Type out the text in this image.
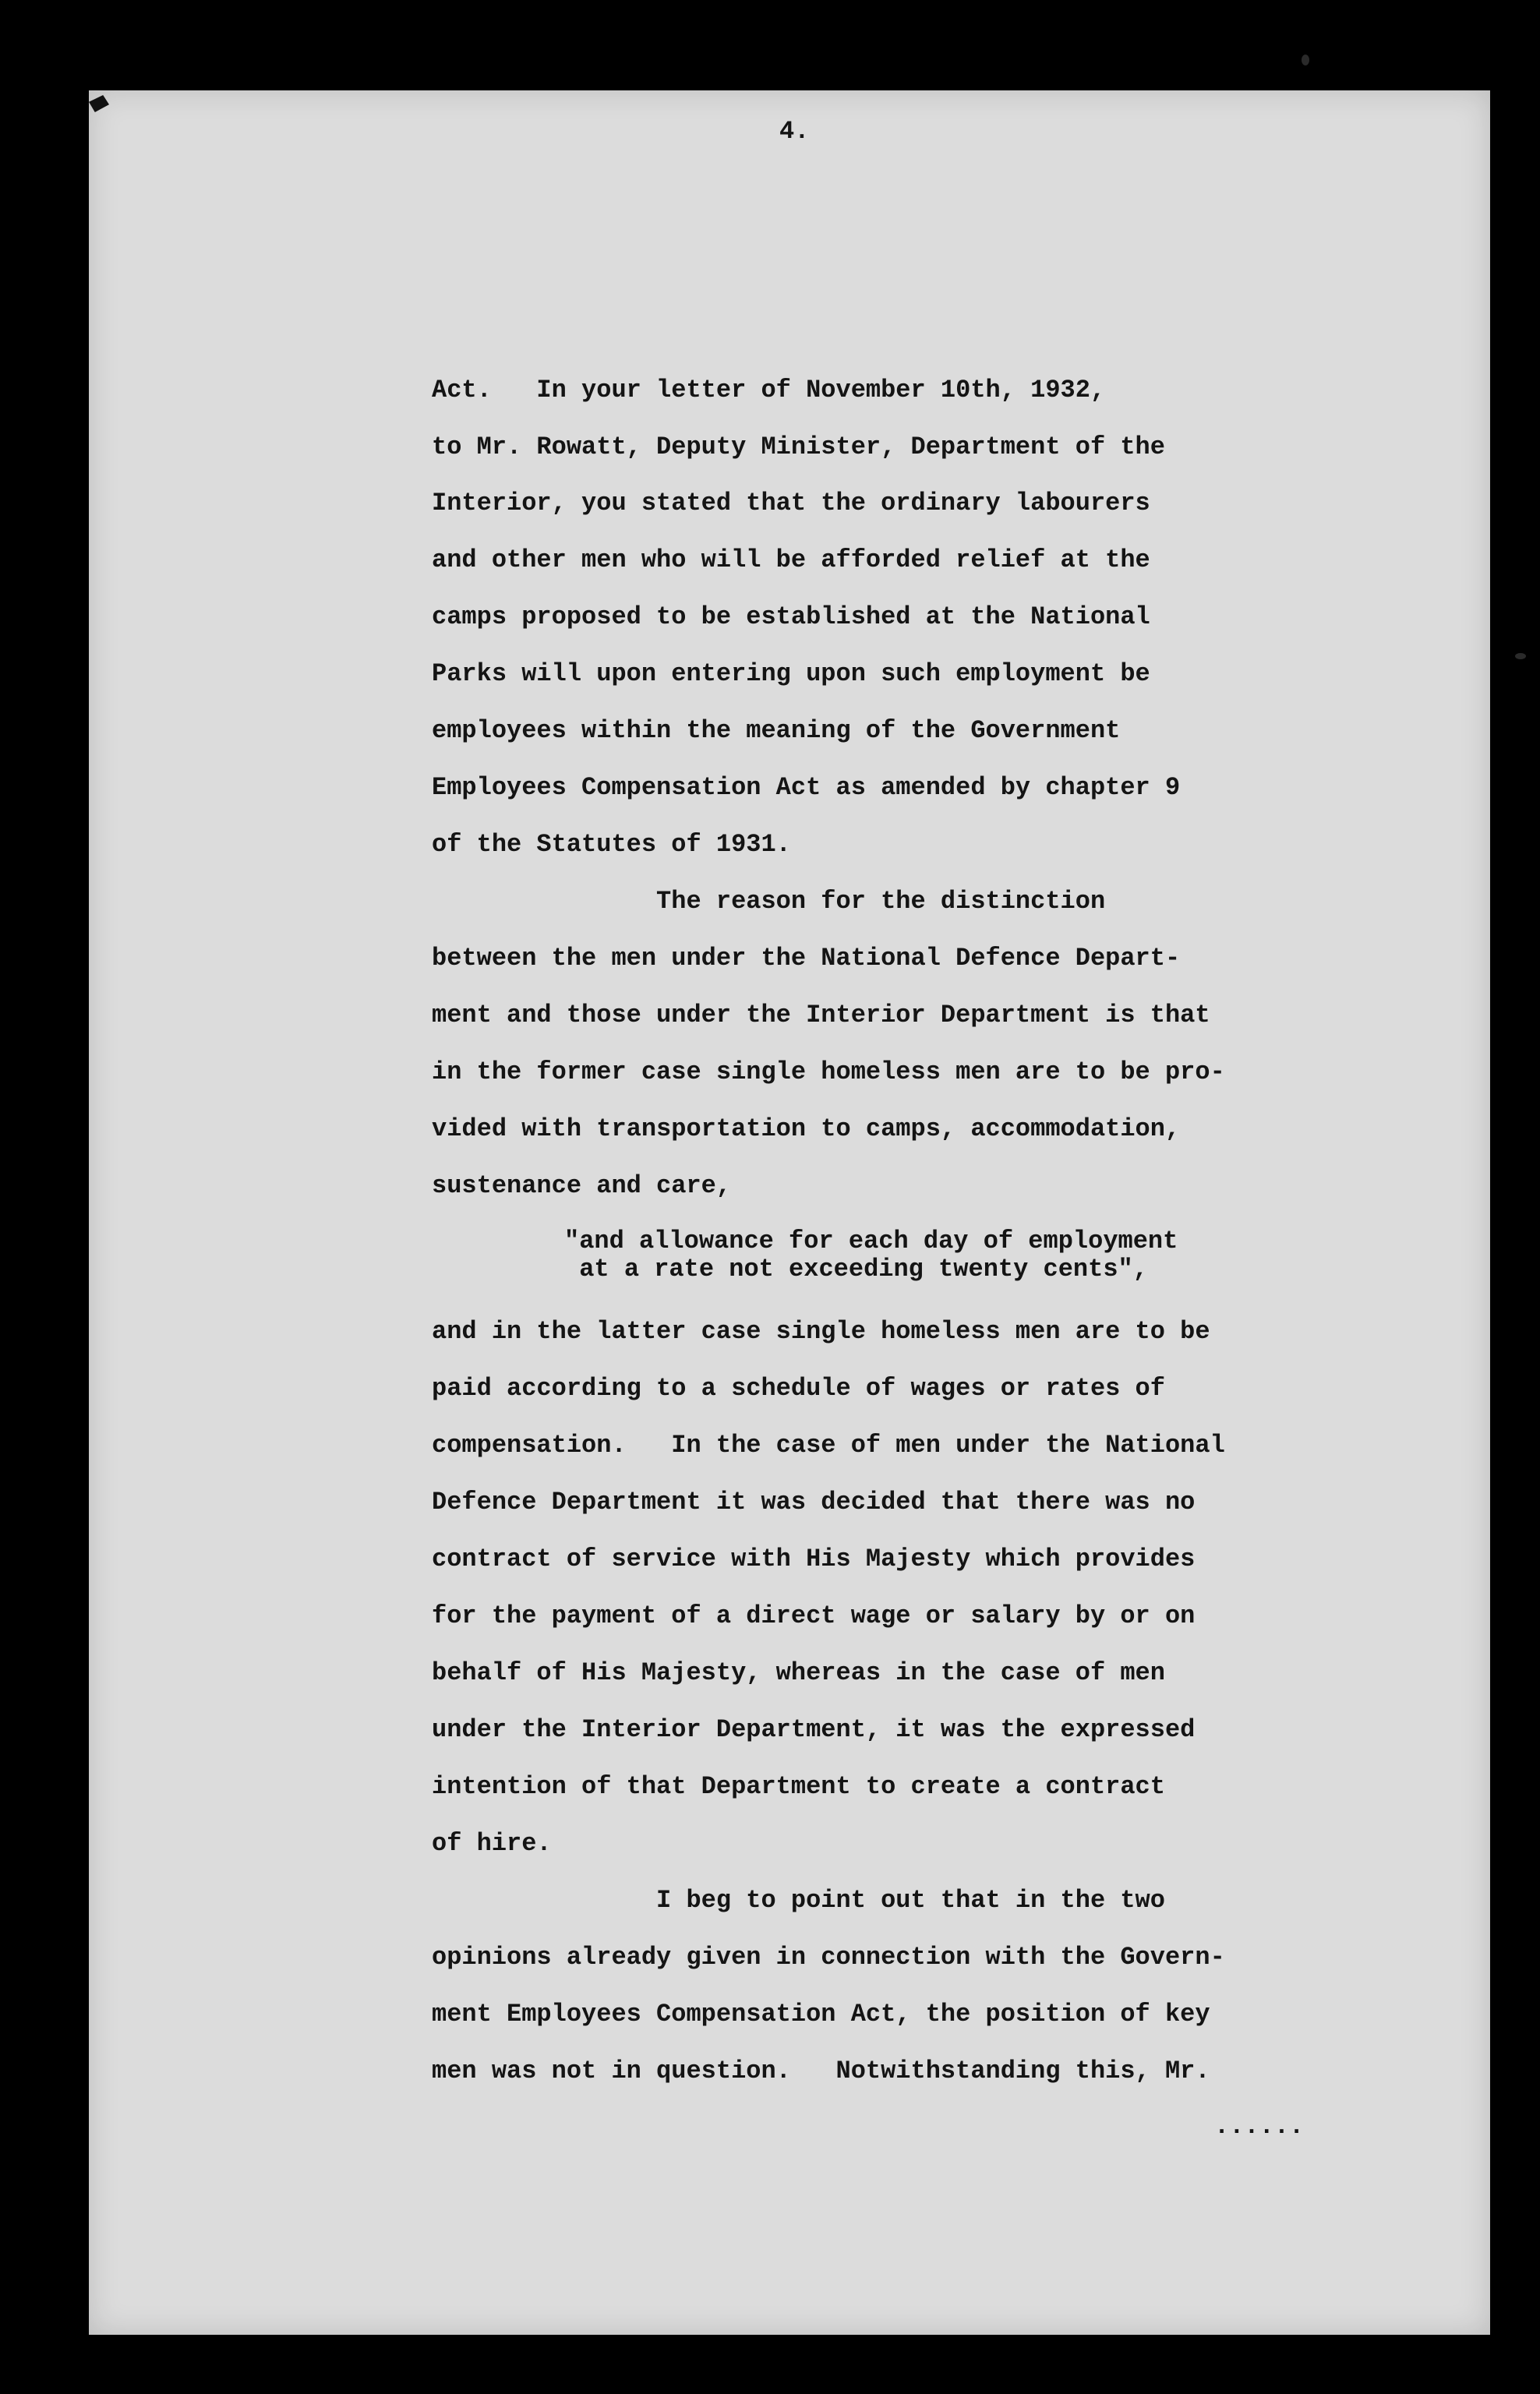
4.
Act.   In your letter of November 10th, 1932,
to Mr. Rowatt, Deputy Minister, Department of the
Interior, you stated that the ordinary labourers
and other men who will be afforded relief at the
camps proposed to be established at the National
Parks will upon entering upon such employment be
employees within the meaning of the Government
Employees Compensation Act as amended by chapter 9
of the Statutes of 1931.
The reason for the distinction
between the men under the National Defence Depart-
ment and those under the Interior Department is that
in the former case single homeless men are to be pro-
vided with transportation to camps, accommodation,
sustenance and care,
"and allowance for each day of employment
at a rate not exceeding twenty cents",
and in the latter case single homeless men are to be
paid according to a schedule of wages or rates of
compensation.   In the case of men under the National
Defence Department it was decided that there was no
contract of service with His Majesty which provides
for the payment of a direct wage or salary by or on
behalf of His Majesty, whereas in the case of men
under the Interior Department, it was the expressed
intention of that Department to create a contract
of hire.
I beg to point out that in the two
opinions already given in connection with the Govern-
ment Employees Compensation Act, the position of key
men was not in question.   Notwithstanding this, Mr.
......
